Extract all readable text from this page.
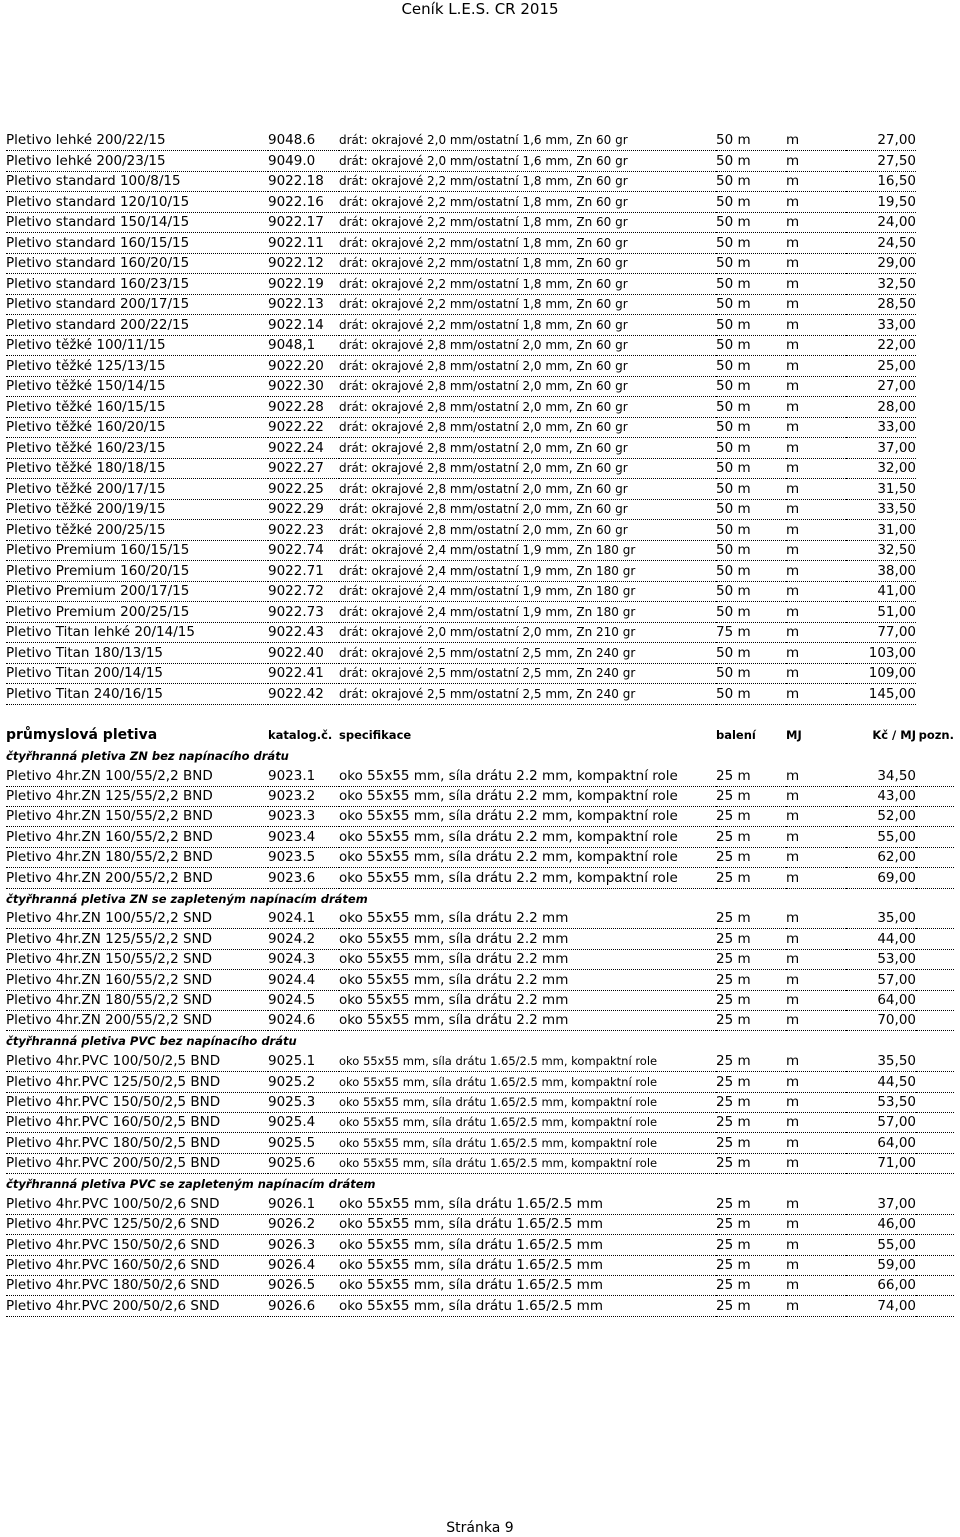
Ceník L.E.S. CR 2015
Pletivo lehké 200/22/15	9048.6	drát: okrajové 2,0 mm/ostatní 1,6 mm, Zn 60 gr	50 m	m	27,00
Pletivo lehké 200/23/15	9049.0	drát: okrajové 2,0 mm/ostatní 1,6 mm, Zn 60 gr	50 m	m	27,50
Pletivo standard 100/8/15	9022.18	drát: okrajové 2,2 mm/ostatní 1,8 mm, Zn 60 gr	50 m	m	16,50
Pletivo standard 120/10/15	9022.16	drát: okrajové 2,2 mm/ostatní 1,8 mm, Zn 60 gr	50 m	m	19,50
Pletivo standard 150/14/15	9022.17	drát: okrajové 2,2 mm/ostatní 1,8 mm, Zn 60 gr	50 m	m	24,00
Pletivo standard 160/15/15	9022.11	drát: okrajové 2,2 mm/ostatní 1,8 mm, Zn 60 gr	50 m	m	24,50
Pletivo standard 160/20/15	9022.12	drát: okrajové 2,2 mm/ostatní 1,8 mm, Zn 60 gr	50 m	m	29,00
Pletivo standard 160/23/15	9022.19	drát: okrajové 2,2 mm/ostatní 1,8 mm, Zn 60 gr	50 m	m	32,50
Pletivo standard 200/17/15	9022.13	drát: okrajové 2,2 mm/ostatní 1,8 mm, Zn 60 gr	50 m	m	28,50
Pletivo standard 200/22/15	9022.14	drát: okrajové 2,2 mm/ostatní 1,8 mm, Zn 60 gr	50 m	m	33,00
Pletivo těžké 100/11/15	9048,1	drát: okrajové 2,8 mm/ostatní 2,0 mm, Zn 60 gr	50 m	m	22,00
Pletivo těžké 125/13/15	9022.20	drát: okrajové 2,8 mm/ostatní 2,0 mm, Zn 60 gr	50 m	m	25,00
Pletivo těžké 150/14/15	9022.30	drát: okrajové 2,8 mm/ostatní 2,0 mm, Zn 60 gr	50 m	m	27,00
Pletivo těžké 160/15/15	9022.28	drát: okrajové 2,8 mm/ostatní 2,0 mm, Zn 60 gr	50 m	m	28,00
Pletivo těžké 160/20/15	9022.22	drát: okrajové 2,8 mm/ostatní 2,0 mm, Zn 60 gr	50 m	m	33,00
Pletivo těžké 160/23/15	9022.24	drát: okrajové 2,8 mm/ostatní 2,0 mm, Zn 60 gr	50 m	m	37,00
Pletivo těžké 180/18/15	9022.27	drát: okrajové 2,8 mm/ostatní 2,0 mm, Zn 60 gr	50 m	m	32,00
Pletivo těžké 200/17/15	9022.25	drát: okrajové 2,8 mm/ostatní 2,0 mm, Zn 60 gr	50 m	m	31,50
Pletivo těžké 200/19/15	9022.29	drát: okrajové 2,8 mm/ostatní 2,0 mm, Zn 60 gr	50 m	m	33,50
Pletivo těžké 200/25/15	9022.23	drát: okrajové 2,8 mm/ostatní 2,0 mm, Zn 60 gr	50 m	m	31,00
Pletivo Premium 160/15/15	9022.74	drát: okrajové 2,4 mm/ostatní 1,9 mm, Zn 180 gr	50 m	m	32,50
Pletivo Premium 160/20/15	9022.71	drát: okrajové 2,4 mm/ostatní 1,9 mm, Zn 180 gr	50 m	m	38,00
Pletivo Premium 200/17/15	9022.72	drát: okrajové 2,4 mm/ostatní 1,9 mm, Zn 180 gr	50 m	m	41,00
Pletivo Premium 200/25/15	9022.73	drát: okrajové 2,4 mm/ostatní 1,9 mm, Zn 180 gr	50 m	m	51,00
Pletivo Titan lehké 20/14/15	9022.43	drát: okrajové 2,0 mm/ostatní 2,0 mm, Zn 210 gr	75 m	m	77,00
Pletivo Titan 180/13/15	9022.40	drát: okrajové 2,5 mm/ostatní 2,5 mm, Zn 240 gr	50 m	m	103,00
Pletivo Titan 200/14/15	9022.41	drát: okrajové 2,5 mm/ostatní 2,5 mm, Zn 240 gr	50 m	m	109,00
Pletivo Titan 240/16/15	9022.42	drát: okrajové 2,5 mm/ostatní 2,5 mm, Zn 240 gr	50 m	m	145,00
průmyslová pletiva	katalog.č.	specifikace	balení	MJ	Kč / MJ	pozn.
čtyřhranná pletiva ZN bez napínacího drátu						
Pletivo 4hr.ZN 100/55/2,2 BND	9023.1	oko 55x55 mm, síla drátu 2.2 mm, kompaktní role	25 m	m	34,50	
Pletivo 4hr.ZN 125/55/2,2 BND	9023.2	oko 55x55 mm, síla drátu 2.2 mm, kompaktní role	25 m	m	43,00	
Pletivo 4hr.ZN 150/55/2,2 BND	9023.3	oko 55x55 mm, síla drátu 2.2 mm, kompaktní role	25 m	m	52,00	
Pletivo 4hr.ZN 160/55/2,2 BND	9023.4	oko 55x55 mm, síla drátu 2.2 mm, kompaktní role	25 m	m	55,00	
Pletivo 4hr.ZN 180/55/2,2 BND	9023.5	oko 55x55 mm, síla drátu 2.2 mm, kompaktní role	25 m	m	62,00	
Pletivo 4hr.ZN 200/55/2,2 BND	9023.6	oko 55x55 mm, síla drátu 2.2 mm, kompaktní role	25 m	m	69,00	
čtyřhranná pletiva ZN se zapleteným napínacím drátem						
Pletivo 4hr.ZN 100/55/2,2 SND	9024.1	oko 55x55 mm, síla drátu 2.2 mm	25 m	m	35,00	
Pletivo 4hr.ZN 125/55/2,2 SND	9024.2	oko 55x55 mm, síla drátu 2.2 mm	25 m	m	44,00	
Pletivo 4hr.ZN 150/55/2,2 SND	9024.3	oko 55x55 mm, síla drátu 2.2 mm	25 m	m	53,00	
Pletivo 4hr.ZN 160/55/2,2 SND	9024.4	oko 55x55 mm, síla drátu 2.2 mm	25 m	m	57,00	
Pletivo 4hr.ZN 180/55/2,2 SND	9024.5	oko 55x55 mm, síla drátu 2.2 mm	25 m	m	64,00	
Pletivo 4hr.ZN 200/55/2,2 SND	9024.6	oko 55x55 mm, síla drátu 2.2 mm	25 m	m	70,00	
čtyřhranná pletiva PVC bez napínacího drátu						
Pletivo 4hr.PVC 100/50/2,5 BND	9025.1	oko 55x55 mm, síla drátu 1.65/2.5 mm, kompaktní role	25 m	m	35,50	
Pletivo 4hr.PVC 125/50/2,5 BND	9025.2	oko 55x55 mm, síla drátu 1.65/2.5 mm, kompaktní role	25 m	m	44,50	
Pletivo 4hr.PVC 150/50/2,5 BND	9025.3	oko 55x55 mm, síla drátu 1.65/2.5 mm, kompaktní role	25 m	m	53,50	
Pletivo 4hr.PVC 160/50/2,5 BND	9025.4	oko 55x55 mm, síla drátu 1.65/2.5 mm, kompaktní role	25 m	m	57,00	
Pletivo 4hr.PVC 180/50/2,5 BND	9025.5	oko 55x55 mm, síla drátu 1.65/2.5 mm, kompaktní role	25 m	m	64,00	
Pletivo 4hr.PVC 200/50/2,5 BND	9025.6	oko 55x55 mm, síla drátu 1.65/2.5 mm, kompaktní role	25 m	m	71,00	
čtyřhranná pletiva PVC se zapleteným napínacím drátem						
Pletivo 4hr.PVC 100/50/2,6 SND	9026.1	oko 55x55 mm, síla drátu 1.65/2.5 mm	25 m	m	37,00	
Pletivo 4hr.PVC 125/50/2,6 SND	9026.2	oko 55x55 mm, síla drátu 1.65/2.5 mm	25 m	m	46,00	
Pletivo 4hr.PVC 150/50/2,6 SND	9026.3	oko 55x55 mm, síla drátu 1.65/2.5 mm	25 m	m	55,00	
Pletivo 4hr.PVC 160/50/2,6 SND	9026.4	oko 55x55 mm, síla drátu 1.65/2.5 mm	25 m	m	59,00	
Pletivo 4hr.PVC 180/50/2,6 SND	9026.5	oko 55x55 mm, síla drátu 1.65/2.5 mm	25 m	m	66,00	
Pletivo 4hr.PVC 200/50/2,6 SND	9026.6	oko 55x55 mm, síla drátu 1.65/2.5 mm	25 m	m	74,00	
Stránka 9
